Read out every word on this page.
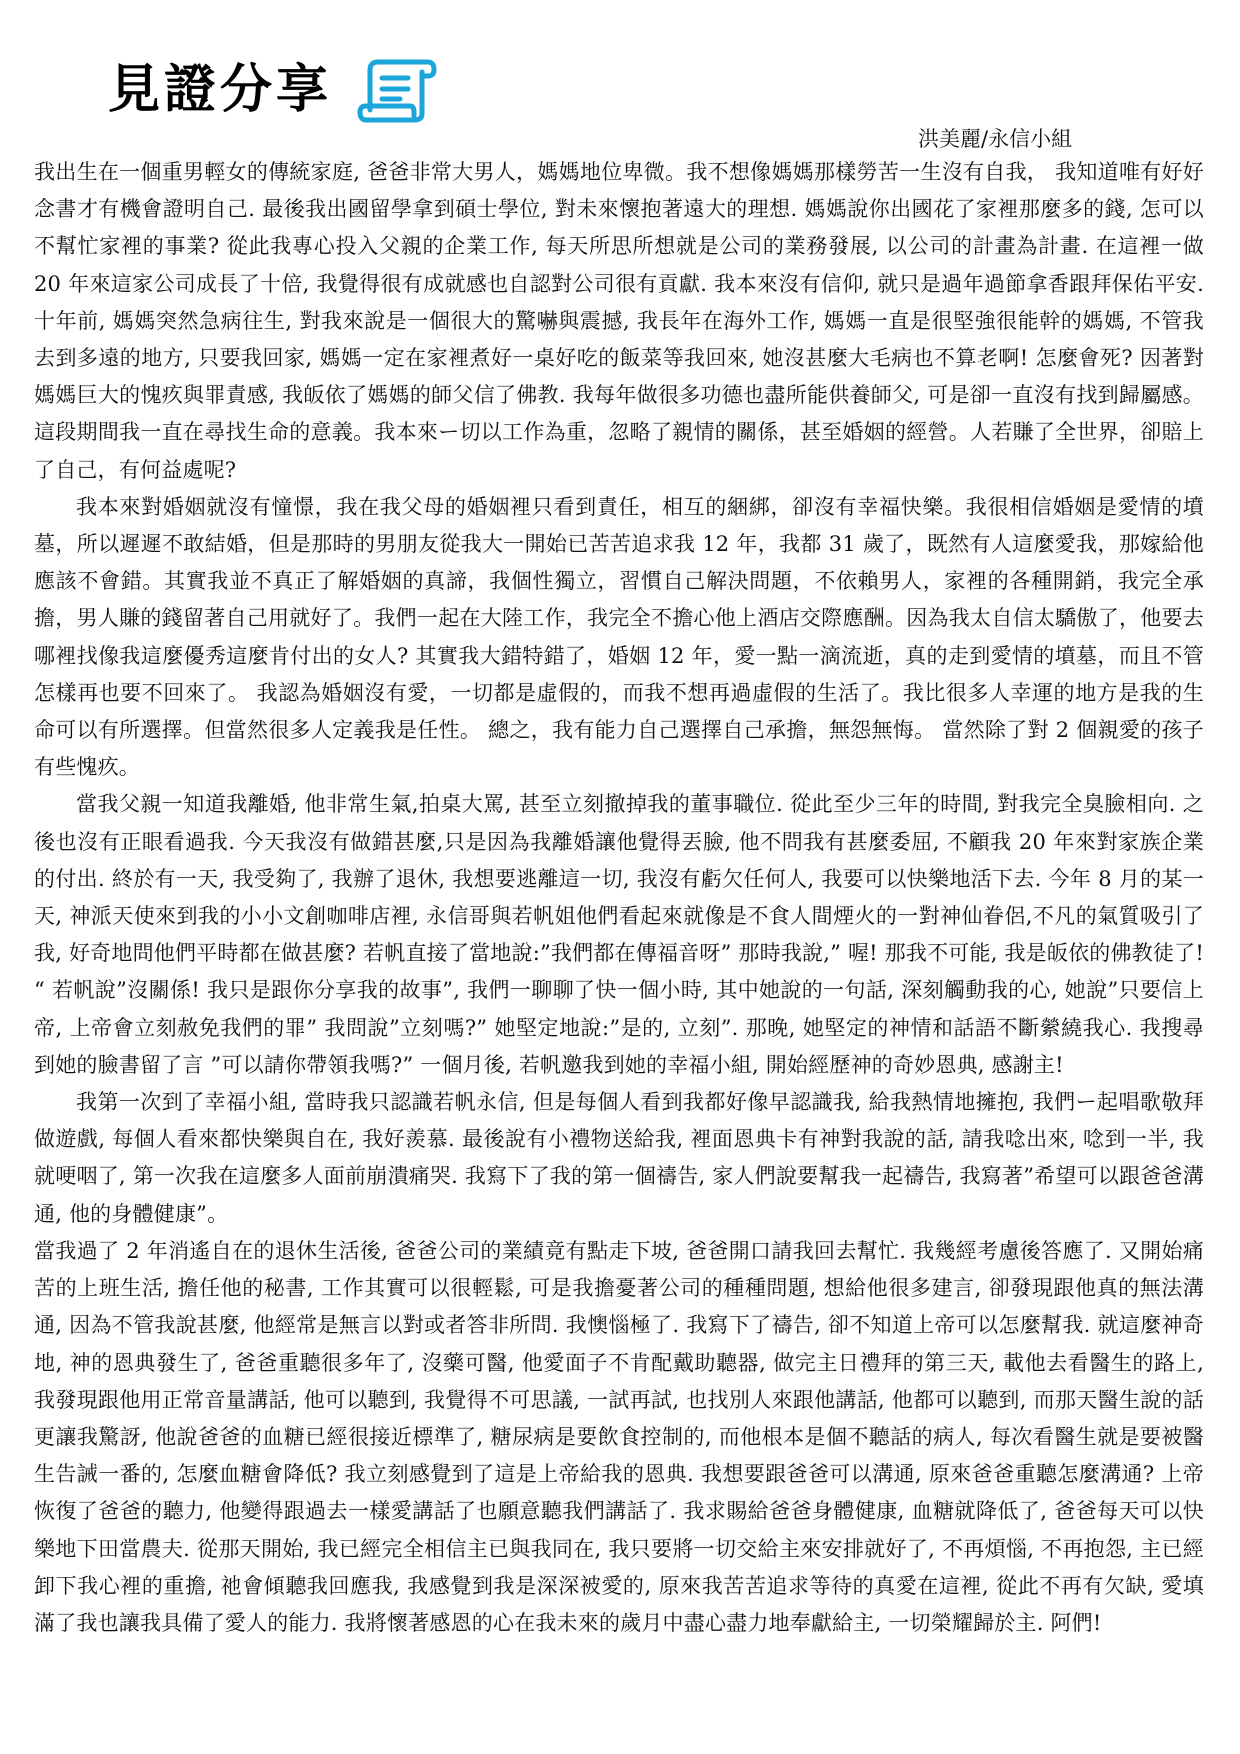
見證分享
洪美麗/永信小組

我出生在一個重男輕女的傳統家庭, 爸爸非常大男人，媽媽地位卑微。我不想像媽媽那樣勞苦一生沒有自我， 我知道唯有好好念書才有機會證明自己. 最後我出國留學拿到碩士學位, 對未來懷抱著遠大的理想. 媽媽說你出國花了家裡那麼多的錢, 怎可以不幫忙家裡的事業? 從此我專心投入父親的企業工作, 每天所思所想就是公司的業務發展, 以公司的計畫為計畫. 在這裡一做 20 年來這家公司成長了十倍, 我覺得很有成就感也自認對公司很有貢獻. 我本來沒有信仰, 就只是過年過節拿香跟拜保佑平安. 十年前, 媽媽突然急病往生, 對我來說是一個很大的驚嚇與震撼, 我長年在海外工作, 媽媽一直是很堅強很能幹的媽媽, 不管我去到多遠的地方, 只要我回家, 媽媽一定在家裡煮好一桌好吃的飯菜等我回來, 她沒甚麼大毛病也不算老啊! 怎麼會死? 因著對媽媽巨大的愧疚與罪責感, 我皈依了媽媽的師父信了佛教. 我每年做很多功德也盡所能供養師父, 可是卻一直沒有找到歸屬感。這段期間我一直在尋找生命的意義。我本來ー切以工作為重，忽略了親情的關係，甚至婚姻的經營。人若賺了全世界，卻賠上了自己，有何益處呢?

我本來對婚姻就沒有憧憬，我在我父母的婚姻裡只看到責任，相互的綑綁，卻沒有幸福快樂。我很相信婚姻是愛情的墳墓，所以遲遲不敢結婚，但是那時的男朋友從我大一開始已苦苦追求我 12 年，我都 31 歲了，既然有人這麼愛我，那嫁給他應該不會錯。其實我並不真正了解婚姻的真諦，我個性獨立，習慣自己解決問題，不依賴男人，家裡的各種開銷，我完全承擔，男人賺的錢留著自己用就好了。我們一起在大陸工作，我完全不擔心他上酒店交際應酬。因為我太自信太驕傲了，他要去哪裡找像我這麼優秀這麼肯付出的女人? 其實我大錯特錯了，婚姻 12 年，愛一點一滴流逝，真的走到愛情的墳墓，而且不管怎樣再也要不回來了。 我認為婚姻沒有愛，一切都是虛假的，而我不想再過虛假的生活了。我比很多人幸運的地方是我的生命可以有所選擇。但當然很多人定義我是任性。 總之，我有能力自己選擇自己承擔，無怨無悔。 當然除了對 2 個親愛的孩子有些愧疚。

當我父親一知道我離婚, 他非常生氣,拍桌大罵, 甚至立刻撤掉我的董事職位. 從此至少三年的時間, 對我完全臭臉相向. 之後也沒有正眼看過我. 今天我沒有做錯甚麼,只是因為我離婚讓他覺得丟臉, 他不問我有甚麼委屈, 不顧我 20 年來對家族企業的付出. 終於有一天, 我受夠了, 我辦了退休, 我想要逃離這一切, 我沒有虧欠任何人, 我要可以快樂地活下去. 今年 8 月的某一天, 神派天使來到我的小小文創咖啡店裡, 永信哥與若帆姐他們看起來就像是不食人間煙火的一對神仙眷侶,不凡的氣質吸引了我, 好奇地問他們平時都在做甚麼? 若帆直接了當地說:”我們都在傳福音呀” 那時我說,” 喔! 那我不可能, 我是皈依的佛教徒了! “ 若帆說”沒關係! 我只是跟你分享我的故事”, 我們一聊聊了快一個小時, 其中她說的一句話, 深刻觸動我的心, 她說”只要信上帝, 上帝會立刻赦免我們的罪” 我問說”立刻嗎?” 她堅定地說:”是的, 立刻”. 那晚, 她堅定的神情和話語不斷縈繞我心. 我搜尋到她的臉書留了言 ”可以請你帶領我嗎?” 一個月後, 若帆邀我到她的幸福小組, 開始經歷神的奇妙恩典, 感謝主!

我第一次到了幸福小組, 當時我只認識若帆永信, 但是每個人看到我都好像早認識我, 給我熱情地擁抱, 我們ー起唱歌敬拜做遊戲, 每個人看來都快樂與自在, 我好羨慕. 最後說有小禮物送給我, 裡面恩典卡有神對我說的話, 請我唸出來, 唸到一半, 我就哽咽了, 第一次我在這麼多人面前崩潰痛哭. 我寫下了我的第一個禱告, 家人們說要幫我一起禱告, 我寫著”希望可以跟爸爸溝通, 他的身體健康”。

當我過了 2 年消遙自在的退休生活後, 爸爸公司的業績竟有點走下坡, 爸爸開口請我回去幫忙. 我幾經考慮後答應了. 又開始痛苦的上班生活, 擔任他的秘書, 工作其實可以很輕鬆, 可是我擔憂著公司的種種問題, 想給他很多建言, 卻發現跟他真的無法溝通, 因為不管我說甚麼, 他經常是無言以對或者答非所問. 我懊惱極了. 我寫下了禱告, 卻不知道上帝可以怎麼幫我. 就這麼神奇地, 神的恩典發生了, 爸爸重聽很多年了, 沒藥可醫, 他愛面子不肯配戴助聽器, 做完主日禮拜的第三天, 載他去看醫生的路上, 我發現跟他用正常音量講話, 他可以聽到, 我覺得不可思議, 一試再試, 也找別人來跟他講話, 他都可以聽到, 而那天醫生說的話更讓我驚訝, 他說爸爸的血糖已經很接近標準了, 糖尿病是要飲食控制的, 而他根本是個不聽話的病人, 每次看醫生就是要被醫生告誡一番的, 怎麼血糖會降低? 我立刻感覺到了這是上帝給我的恩典. 我想要跟爸爸可以溝通, 原來爸爸重聽怎麼溝通? 上帝恢復了爸爸的聽力, 他變得跟過去一樣愛講話了也願意聽我們講話了. 我求賜給爸爸身體健康, 血糖就降低了, 爸爸每天可以快樂地下田當農夫. 從那天開始, 我已經完全相信主已與我同在, 我只要將一切交給主來安排就好了, 不再煩惱, 不再抱怨, 主已經卸下我心裡的重擔, 祂會傾聽我回應我, 我感覺到我是深深被愛的, 原來我苦苦追求等待的真愛在這裡, 從此不再有欠缺, 愛填滿了我也讓我具備了愛人的能力. 我將懷著感恩的心在我未來的歲月中盡心盡力地奉獻給主, 一切榮耀歸於主. 阿們!
